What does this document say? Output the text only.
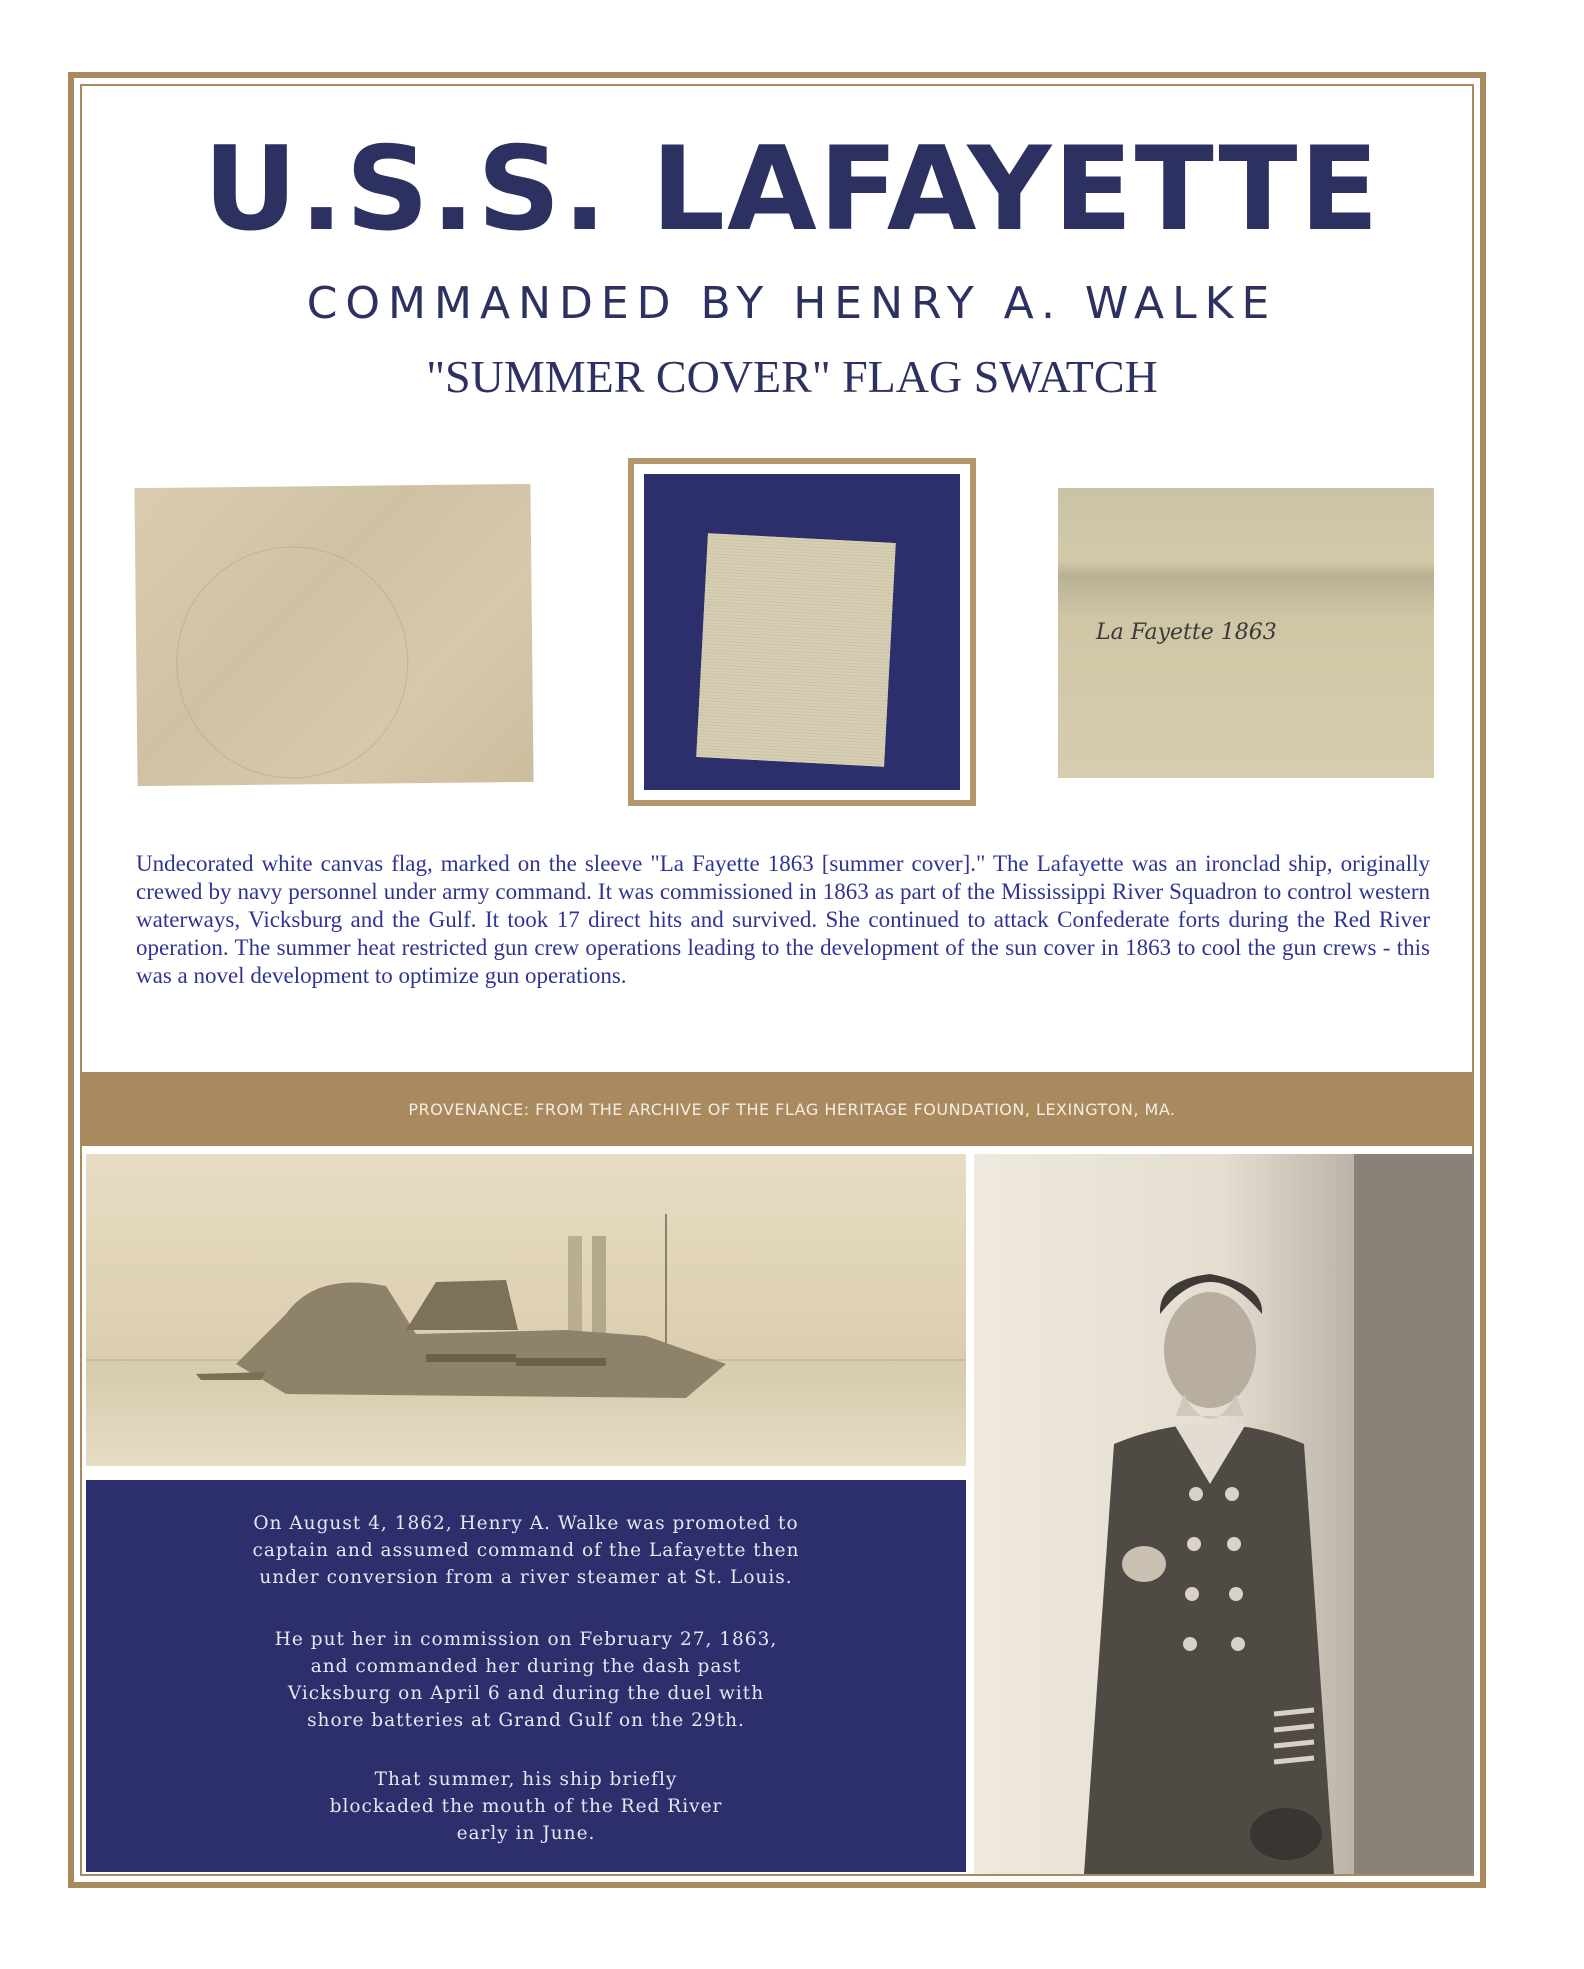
U.S.S. LAFAYETTE
COMMANDED BY HENRY A. WALKE
"SUMMER COVER" FLAG SWATCH
La Fayette 1863
Undecorated white canvas flag, marked on the sleeve "La Fayette 1863 [summer cover]." The Lafayette was an ironclad ship, originally crewed by navy personnel under army command. It was commissioned in 1863 as part of the Mississippi River Squadron to control western waterways, Vicksburg and the Gulf. It took 17 direct hits and survived. She continued to attack Confederate forts during the Red River operation. The summer heat restricted gun crew operations leading to the development of the sun cover in 1863 to cool the gun crews - this was a novel development to optimize gun operations.
PROVENANCE: FROM THE ARCHIVE OF THE FLAG HERITAGE FOUNDATION, LEXINGTON, MA.

On August 4, 1862, Henry A. Walke was promoted to captain and assumed command of the Lafayette then under conversion from a river steamer at St. Louis.

He put her in commission on February 27, 1863, and commanded her during the dash past Vicksburg on April 6 and during the duel with shore batteries at Grand Gulf on the 29th.

That summer, his ship briefly blockaded the mouth of the Red River early in June.
